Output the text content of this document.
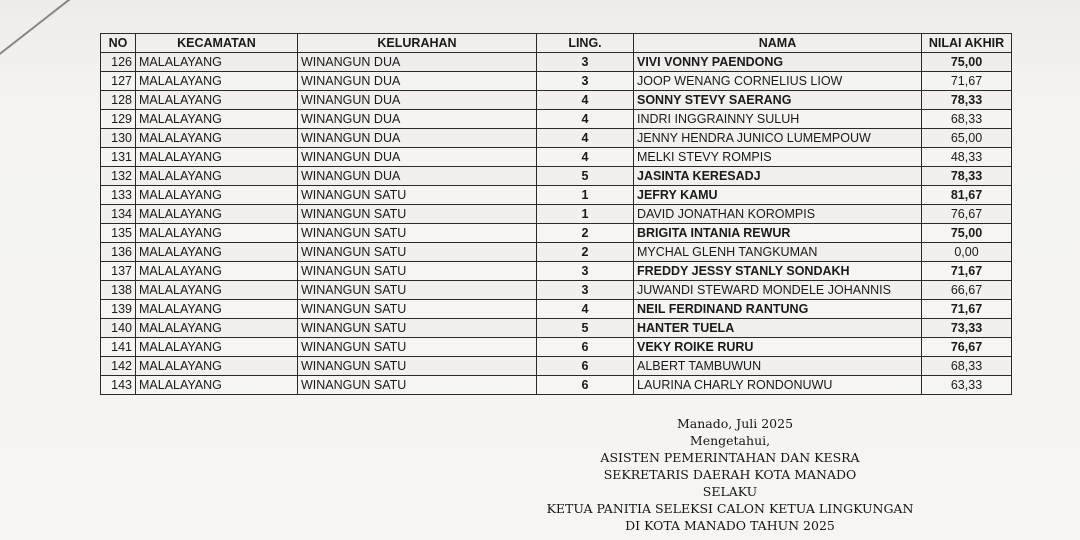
NO	KECAMATAN	KELURAHAN	LING.	NAMA	NILAI AKHIR
126	MALALAYANG	WINANGUN DUA	3	VIVI VONNY PAENDONG	75,00
127	MALALAYANG	WINANGUN DUA	3	JOOP WENANG CORNELIUS LIOW	71,67
128	MALALAYANG	WINANGUN DUA	4	SONNY STEVY SAERANG	78,33
129	MALALAYANG	WINANGUN DUA	4	INDRI INGGRAINNY SULUH	68,33
130	MALALAYANG	WINANGUN DUA	4	JENNY HENDRA JUNICO LUMEMPOUW	65,00
131	MALALAYANG	WINANGUN DUA	4	MELKI STEVY ROMPIS	48,33
132	MALALAYANG	WINANGUN DUA	5	JASINTA KERESADJ	78,33
133	MALALAYANG	WINANGUN SATU	1	JEFRY KAMU	81,67
134	MALALAYANG	WINANGUN SATU	1	DAVID JONATHAN KOROMPIS	76,67
135	MALALAYANG	WINANGUN SATU	2	BRIGITA INTANIA REWUR	75,00
136	MALALAYANG	WINANGUN SATU	2	MYCHAL GLENH TANGKUMAN	0,00
137	MALALAYANG	WINANGUN SATU	3	FREDDY JESSY STANLY SONDAKH	71,67
138	MALALAYANG	WINANGUN SATU	3	JUWANDI STEWARD MONDELE JOHANNIS	66,67
139	MALALAYANG	WINANGUN SATU	4	NEIL FERDINAND RANTUNG	71,67
140	MALALAYANG	WINANGUN SATU	5	HANTER TUELA	73,33
141	MALALAYANG	WINANGUN SATU	6	VEKY ROIKE RURU	76,67
142	MALALAYANG	WINANGUN SATU	6	ALBERT TAMBUWUN	68,33
143	MALALAYANG	WINANGUN SATU	6	LAURINA CHARLY RONDONUWU	63,33
Manado, Juli 2025
Mengetahui,
ASISTEN PEMERINTAHAN DAN KESRA
SEKRETARIS DAERAH KOTA MANADO
SELAKU
KETUA PANITIA SELEKSI CALON KETUA LINGKUNGAN
DI KOTA MANADO TAHUN 2025
